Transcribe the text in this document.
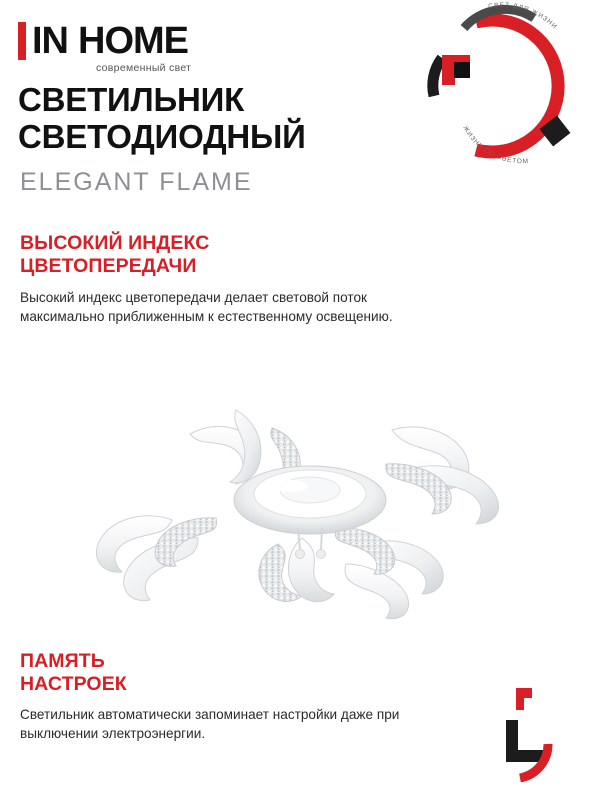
IN HOME
современный свет
СВЕТ ДЛЯ ЖИЗНИ
ЖИЗНЬ СО СВЕТОМ
СВЕТИЛЬНИК
СВЕТОДИОДНЫЙ
ELEGANT FLAME
ВЫСОКИЙ ИНДЕКС
ЦВЕТОПЕРЕДАЧИ
Высокий индекс цветопередачи делает световой поток максимально приближенным к естественному освещению.
ПАМЯТЬ
НАСТРОЕК
Светильник автоматически запоминает настройки даже при выключении электроэнергии.
